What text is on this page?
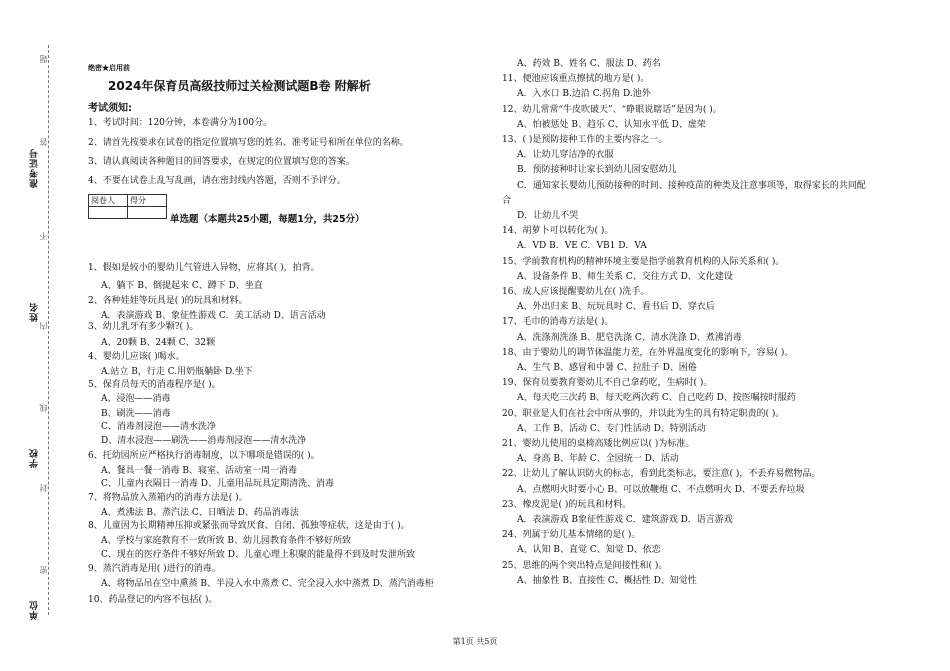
准考证号
姓名
学校
单位
题
答
不
内
线
封
密
绝密★启用前
2024年保育员高级技师过关检测试题B卷 附解析
考试须知:
1、考试时间：120分钟，本卷满分为100分。
2、请首先按要求在试卷的指定位置填写您的姓名、准考证号和所在单位的名称。
3、请认真阅读各种题目的回答要求，在规定的位置填写您的答案。
4、不要在试卷上乱写乱画，请在密封线内答题，否则不予评分。
阅卷人	得分

单选题（本题共25小题，每题1分，共25分）
1、假如是较小的婴幼儿气管进入异物，应将其( )，拍背。
A、躺下 B、倒提起来 C、蹲下 D、坐直
2、各种娃娃等玩具是( )的玩具和材料。
A．表演游戏 B、象征性游戏 C．美工活动 D、语言活动
3、幼儿乳牙有多少颗?( )。
A、20颗 B、24颗 C、32颗
4、婴幼儿应该( )喝水。
A.站立 B，行走 C.用奶瓶躺卧 D.坐下
5、保育员每天的消毒程序是( )。
A、浸泡——消毒
B、刷洗——消毒
C、消毒剂浸泡——清水洗净
D、清水浸泡——刷洗——消毒剂浸泡——清水洗净
6、托幼园所应严格执行消毒制度，以下哪项是错误的( )。
A、餐具一餐一消毒 B、寝室、活动室一周一消毒
C、儿童内衣隔日一消毒 D、儿童用品玩具定期清洗、消毒
7、将物品放入蒸箱内的消毒方法是( )。
A、煮沸法 B、蒸汽法 C、日晒法 D、药品消毒法
8、儿童因为长期精神压抑或紧张而导致厌食、自闭、孤独等症状，这是由于( )。
A、学校与家庭教育不一致所致 B、幼儿园教育条件不够好所致
C、现在的医疗条件不够好所致 D、儿童心理上积聚的能量得不到及时发泄所致
9、蒸汽消毒是用( )进行的消毒。
A、将物品吊在空中熏蒸 B、半浸入水中蒸煮 C、完全浸入水中蒸煮 D、蒸汽消毒柜
10、药品登记的内容不包括( )。
A、药效 B、姓名 C、服法 D、药名
11、便池应该重点擦拭的地方是( )。
A．入水口 B.边沿 C.拐角 D.池外
12、幼儿常常“牛皮吹破天”、“睁眼说瞎话”是因为( )。
A、怕被惩处 B、趋乐 C、认知水平低 D、虚荣
13、( )是预防接种工作的主要内容之一。
A．让幼儿穿洁净的衣服
B．预防接种时让家长到幼儿园安慰幼儿
C．通知家长婴幼儿预防接种的时间、接种疫苗的种类及注意事项等，取得家长的共同配
合
D．让幼儿不哭
14、胡萝卜可以转化为( )。
A．VD B．VE C．VB1 D．VA
15、学前教育机构的精神环境主要是指学前教育机构的人际关系和( )。
A、设备条件 B、师生关系 C、交往方式 D、文化建设
16、成人应该提醒婴幼儿在( )洗手。
A、外出归来 B、玩玩具时 C、看书后 D、穿衣后
17、毛巾的消毒方法是( )。
A、洗涤剂洗涤 B、肥皂洗涤 C、清水洗涤 D、煮沸消毒
18、由于婴幼儿的调节体温能力差，在外界温度变化的影响下，容易( )。
A、生气 B、感冒和中暑 C、拉肚子 D、困倦
19、保育员要教育婴幼儿不自己拿药吃，生病时( )。
A、每天吃三次药 B、每天吃两次药 C、自己吃药 D、按医嘱按时服药
20、职业是人们在社会中所从事的，并以此为生的具有特定职责的( )。
A、工作 B、活动 C、专门性活动 D、特别活动
21、婴幼儿使用的桌椅高矮比例应以( )为标准。
A、身高 B、年龄 C、全园统一 D、活动
22、让幼儿了解认识防火的标志，看到此类标志，要注意( )，不丢弃易燃物品。
A、点燃明火时要小心 B、可以放鞭炮 C、不点燃明火 D、不要丢弃垃圾
23、橡皮泥是( )的玩具和材料。
A．表演游戏 B象征性游戏 C．建筑游戏 D．语言游戏
24、列属于幼儿基本情绪的是( )。
A、认知 B、直觉 C、知觉 D、依恋
25、思维的两个突出特点是间接性和( )。
A、抽象性 B、直接性 C、概括性 D、知觉性
第1页 共5页
